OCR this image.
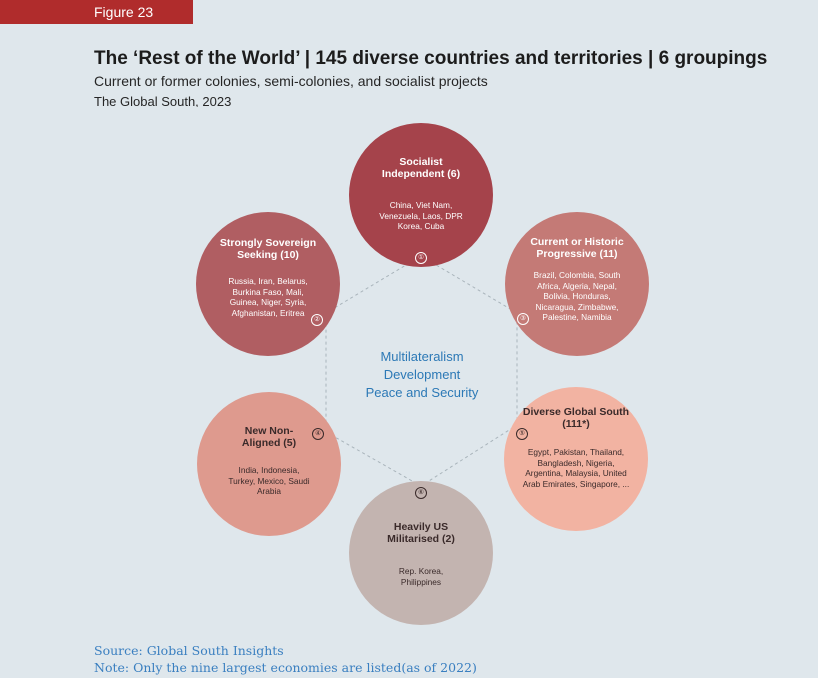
Figure 23
The ‘Rest of the World’ | 145 diverse countries and territories | 6 groupings
Current or former colonies, semi-colonies, and socialist projects
The Global South, 2023
Multilateralism
Development
Peace and Security
Socialist Independent (6)
China, Viet Nam, Venezuela, Laos, DPR Korea, Cuba
①
Strongly Sovereign Seeking (10)
Russia, Iran, Belarus, Burkina Faso, Mali, Guinea, Niger, Syria, Afghanistan, Eritrea
②
Current or Historic Progressive (11)
Brazil, Colombia, South Africa, Algeria, Nepal, Bolivia, Honduras, Nicaragua, Zimbabwe, Palestine, Namibia
③
New Non-Aligned (5)
India, Indonesia, Turkey, Mexico, Saudi Arabia
④
Diverse Global South (111*)
Egypt, Pakistan, Thailand, Bangladesh, Nigeria, Argentina, Malaysia, United Arab Emirates, Singapore, ...
⑤
Heavily US Militarised (2)
Rep. Korea, Philippines
⑥
Source: Global South Insights
Note: Only the nine largest economies are listed(as of 2022)
